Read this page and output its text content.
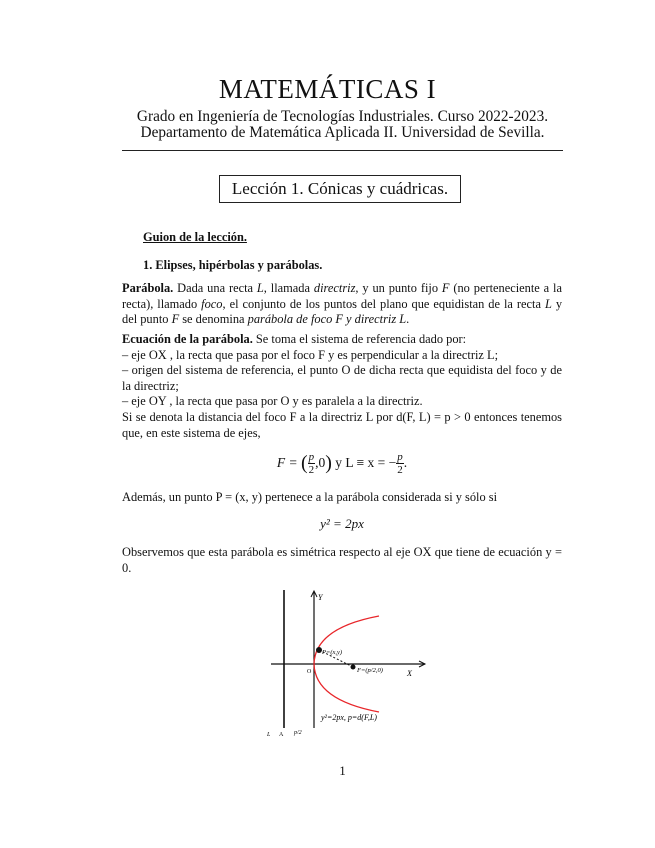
MATEMÁTICAS I
Grado en Ingeniería de Tecnologías Industriales. Curso 2022-2023.
Departamento de Matemática Aplicada II. Universidad de Sevilla.
Lección 1. Cónicas y cuádricas.
Guion de la lección.
1. Elipses, hipérbolas y parábolas.
Parábola. Dada una recta L, llamada directriz, y un punto fijo F (no perteneciente a la recta), llamado foco, el conjunto de los puntos del plano que equidistan de la recta L y del punto F se denomina parábola de foco F y directriz L.
Ecuación de la parábola. Se toma el sistema de referencia dado por:
– eje OX , la recta que pasa por el foco F y es perpendicular a la directriz L;
– origen del sistema de referencia, el punto O de dicha recta que equidista del foco y de la directriz;
– eje OY , la recta que pasa por O y es paralela a la directriz.
Si se denota la distancia del foco F a la directriz L por d(F, L) = p > 0 entonces tenemos que, en este sistema de ejes,
F = ( $\frac{p}{2} ,0$) y L ≡ x = − $\frac{p}{2}$ .
Además, un punto P = (x, y) pertenece a la parábola considerada si y sólo si
y² = 2px
Observemos que esta parábola es simétrica respecto al eje OX que tiene de ecuación y = 0.
Y
X
O
P=(x,y)
F=(p/2,0)
y²=2px, p=d(F,L)
L A p/2
1
